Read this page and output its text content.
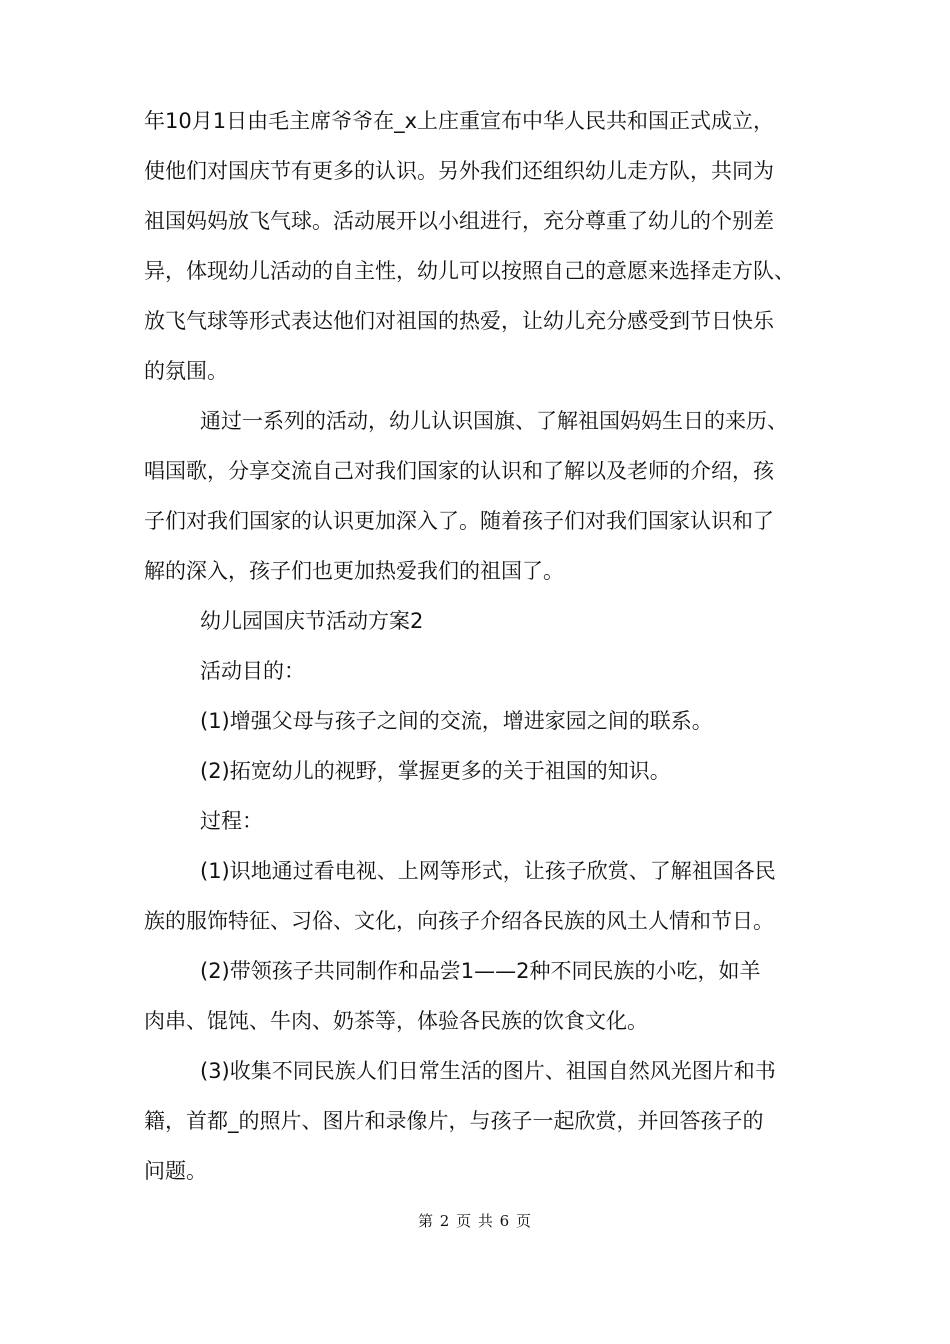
年10月1日由毛主席爷爷在_x上庄重宣布中华人民共和国正式成立，
使他们对国庆节有更多的认识。另外我们还组织幼儿走方队，共同为
祖国妈妈放飞气球。活动展开以小组进行，充分尊重了幼儿的个别差
异，体现幼儿活动的自主性，幼儿可以按照自己的意愿来选择走方队、
放飞气球等形式表达他们对祖国的热爱，让幼儿充分感受到节日快乐
的氛围。
通过一系列的活动，幼儿认识国旗、了解祖国妈妈生日的来历、
唱国歌，分享交流自己对我们国家的认识和了解以及老师的介绍，孩
子们对我们国家的认识更加深入了。随着孩子们对我们国家认识和了
解的深入，孩子们也更加热爱我们的祖国了。
幼儿园国庆节活动方案2
活动目的：
(1)增强父母与孩子之间的交流，增进家园之间的联系。
(2)拓宽幼儿的视野，掌握更多的关于祖国的知识。
过程：
(1)识地通过看电视、上网等形式，让孩子欣赏、了解祖国各民
族的服饰特征、习俗、文化，向孩子介绍各民族的风土人情和节日。
(2)带领孩子共同制作和品尝1——2种不同民族的小吃，如羊
肉串、馄饨、牛肉、奶茶等，体验各民族的饮食文化。
(3)收集不同民族人们日常生活的图片、祖国自然风光图片和书
籍，首都_的照片、图片和录像片，与孩子一起欣赏，并回答孩子的
问题。
第 2 页 共 6 页
